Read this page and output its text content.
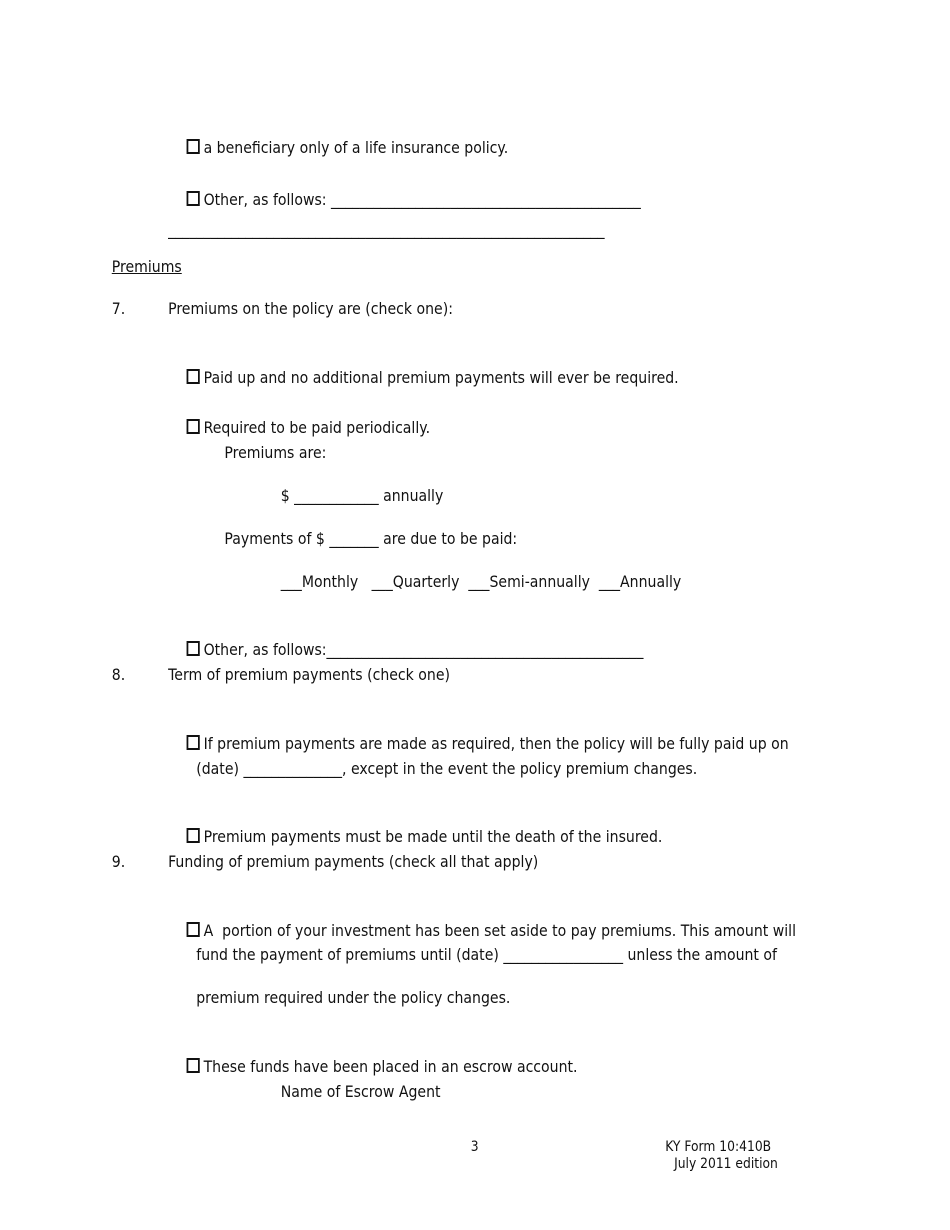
a beneficiary only of a life insurance policy.

Other, as follows: ____________________________________________

______________________________________________________________
Premiums
7.	Premiums on the policy are (check one):

Paid up and no additional premium payments will ever be required.

Required to be paid periodically.

Premiums are:
$ ____________ annually
Payments of $ _______ are due to be paid:
___Monthly   ___Quarterly  ___Semi-annually  ___Annually

Other, as follows:_____________________________________________

8.	Term of premium payments (check one)

If premium payments are made as required, then the policy will be fully paid up on

(date) ______________, except in the event the policy premium changes.

Premium payments must be made until the death of the insured.

9.	Funding of premium payments (check all that apply)

A  portion of your investment has been set aside to pay premiums. This amount will

fund the payment of premiums until (date) _________________ unless the amount of
premium required under the policy changes.

These funds have been placed in an escrow account.

Name of Escrow Agent
3	KY Form 10:410B
July 2011 edition
